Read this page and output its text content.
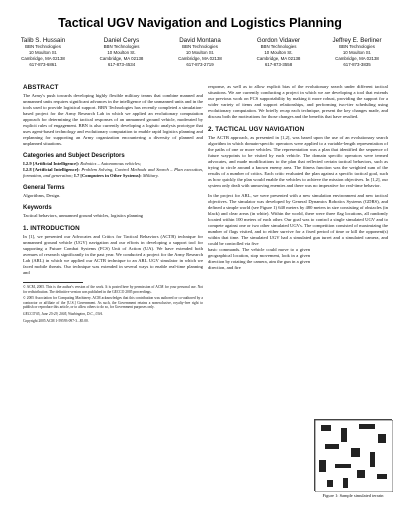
Tactical UGV Navigation and Logistics Planning
Talib S. Hussain
BBN Technologies
10 Moulton St.
Cambridge, MA 02138
617-873-6861
Daniel Cerys
BBN Technologies
10 Moulton St.
Cambridge, MA 02138
617-873-4534
David Montana
BBN Technologies
10 Moulton St.
Cambridge, MA 02138
617-873-2719
Gordon Vidaver
BBN Technologies
10 Moulton St.
Cambridge, MA 02138
617-873-3558
Jeffrey E. Berliner
BBN Technologies
10 Moulton St.
Cambridge, MA 02138
617-873-3835
ABSTRACT

The Army's push towards developing highly flexible military teams that combine manned and unmanned units requires significant advances in the intelligence of the unmanned units and in the tools used to provide logistical support. BBN Technologies has recently completed a simulation-based project for the Army Research Lab in which we applied an evolutionary computation approach for determining the tactical responses of an unmanned ground vehicle, moderated by explicit rules of engagement. BBN is also currently developing a logistic analysis prototype that uses agent-based technology and evolutionary computation to enable rapid logistics planning and replanning for supporting an Army organization encountering a diversity of planned and unplanned situations.

Categories and Subject Descriptors

I.2.9 [Artificial Intelligence]: Robotics – Autonomous vehicles;
I.2.8 [Artificial Intelligence]: Problem Solving, Control Methods and Search – Plan execution, formation, and generation; I.7 [Computers in Other Systems]: Military.

General Terms

Algorithms, Design.

Keywords

Tactical behaviors, unmanned ground vehicles, logistics planning

1. INTRODUCTION

In [1], we presented our Advocates and Critics for Tactical Behaviors (ACTB) technique for unmanned ground vehicle (UGV) navigation and our efforts in developing a support tool for supporting a Future Combat Systems (FCS) Unit of Action (UA). We have extended both avenues of research significantly in the past year. We conducted a project for the Army Research Lab (ARL) in which we applied our ACTB technique to an ARL UGV simulator in which we faced mobile threats. Our technique was extended in several ways to enable real-time planning and

© ACM, 2005. This is the author's version of the work. It is posted here by permission of ACM for your personal use. Not for redistribution. The definitive version was published in the GECCO 2005 proceedings.

© 2005 Association for Computing Machinery. ACM acknowledges that this contribution was authored or co-authored by a contractor or affiliate of the [U.S.] Government. As such, the Government retains a nonexclusive, royalty-free right to publish or reproduce this article, or to allow others to do so, for Government purposes only.

GECCO'05, June 25-29, 2005, Washington, D.C., USA.

Copyright 2005 ACM 1-59593-097-3...$5.00.

response, as well as to allow explicit bias of the evolutionary search under different tactical situations. We are currently conducting a project in which we are developing a tool that extends our previous work on FCS supportability by making it more robust, providing the support for a wider variety of items and support relationships, and performing two-tier scheduling using evolutionary computation. We briefly recap each technique, present the key changes made, and discuss both the motivations for those changes and the benefits that have resulted.

2. TACTICAL UGV NAVIGATION

The ACTB approach, as presented in [1,2], was based upon the use of an evolutionary search algorithm in which domain-specific operators were applied to a variable-length representation of the paths of one or more vehicles. The representation was a plan that identified the sequence of future waypoints to be visited by each vehicle. The domain specific operators were termed advocates, and made modifications to the plan that reflected certain tactical behaviors, such as trying to circle around a known enemy area. The fitness function was the weighted sum of the results of a number of critics. Each critic evaluated the plan against a specific tactical goal, such as how quickly the plan would enable the vehicles to achieve the mission objectives. In [1,2], our system only dealt with unmoving enemies and there was no imperative for real-time behavior.

In the project for ARL, we were presented with a new simulation environment and new tactical objectives. The simulator was developed by General Dynamics Robotics Systems (GDRS), and defined a simple world (see Figure 1) 640 meters by 480 meters in size consisting of obstacles (in black) and clear areas (in white). Within the world, there were three flag locations, all randomly located within 100 meters of each other. Our goal was to control a single simulated UGV and to compete against one or two other simulated UGVs. The competition consisted of maximizing the number of flags visited, and to either survive for a fixed period of time or kill the opponent(s) within that time. The simulated UGV had a simulated gun turret and a simulated camera, and could be controlled via five

basic commands. The vehicle could move to a given geographical location, stop movement, look in a given direction by rotating the camera, aim the gun in a given direction, and fire

Figure 1: Sample simulated terrain
